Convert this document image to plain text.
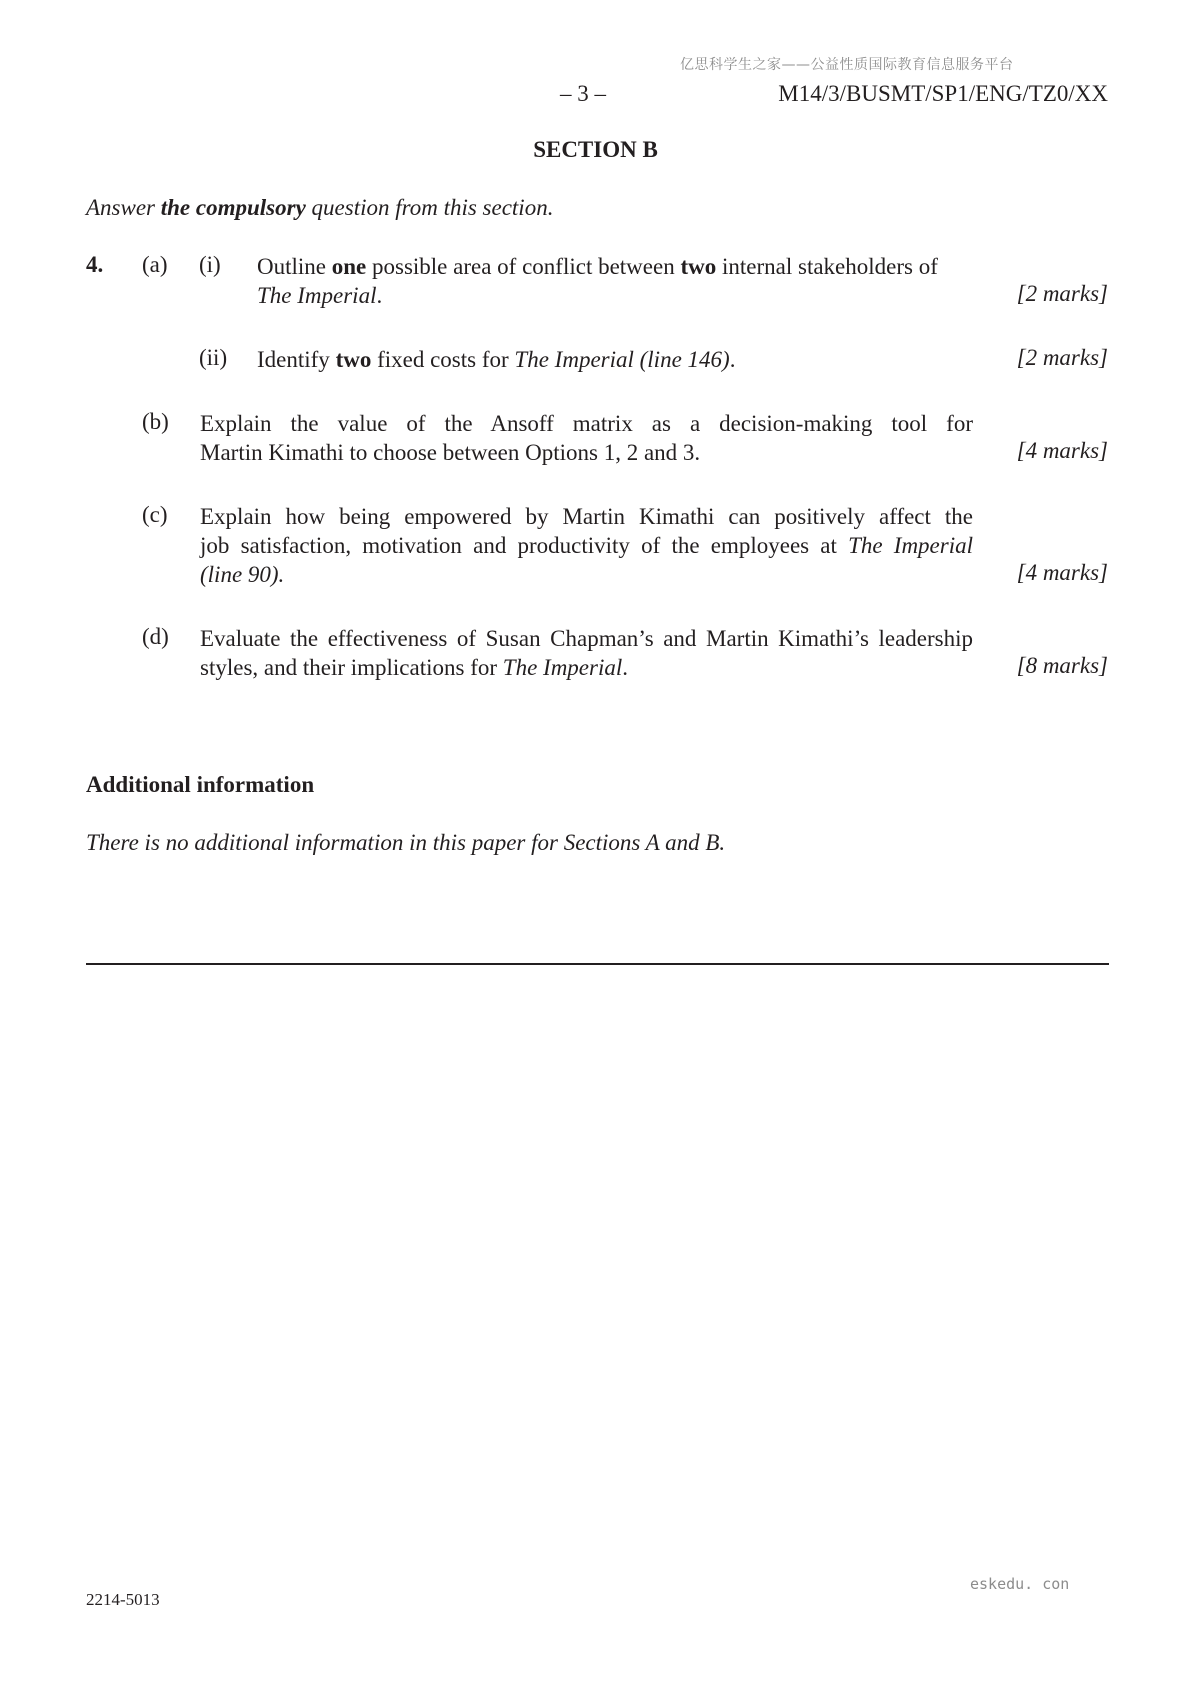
亿思科学生之家——公益性质国际教育信息服务平台
– 3 –	M14/3/BUSMT/SP1/ENG/TZ0/XX
SECTION B
Answer the compulsory question from this section.
4. (a) (i) Outline one possible area of conflict between two internal stakeholders of
The Imperial.	[2 marks]
(ii) Identify two fixed costs for The Imperial (line 146).	[2 marks]
(b) Explain the value of the Ansoff matrix as a decision-making tool for
Martin Kimathi to choose between Options 1, 2 and 3.	[4 marks]
(c) Explain how being empowered by Martin Kimathi can positively affect the
job satisfaction, motivation and productivity of the employees at The Imperial
(line 90).	[4 marks]
(d) Evaluate the effectiveness of Susan Chapman’s and Martin Kimathi’s leadership
styles, and their implications for The Imperial.	[8 marks]
Additional information
There is no additional information in this paper for Sections A and B.
eskedu. con
2214-5013
